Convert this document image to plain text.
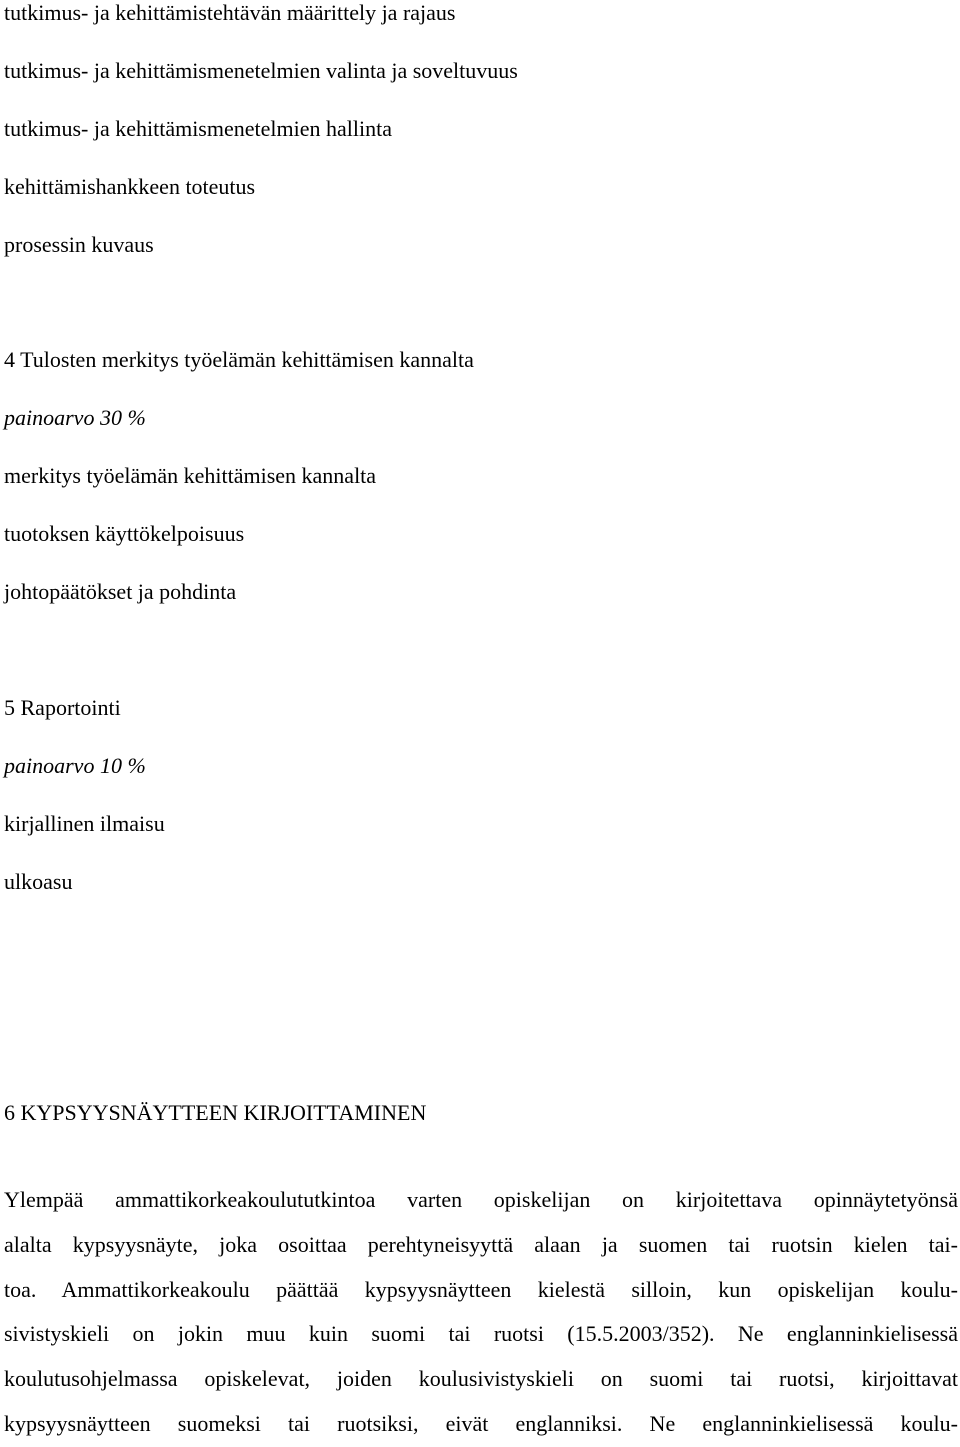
tutkimus- ja kehittämistehtävän määrittely ja rajaus
tutkimus- ja kehittämismenetelmien valinta ja soveltuvuus
tutkimus- ja kehittämismenetelmien hallinta
kehittämishankkeen toteutus
prosessin kuvaus
4 Tulosten merkitys työelämän kehittämisen kannalta
painoarvo 30 %
merkitys työelämän kehittämisen kannalta
tuotoksen käyttökelpoisuus
johtopäätökset ja pohdinta
5 Raportointi
painoarvo 10 %
kirjallinen ilmaisu
ulkoasu
6 KYPSYYSNÄYTTEEN KIRJOITTAMINEN
Ylempää ammattikorkeakoulututkintoa varten opiskelijan on kirjoitettava opinnäytetyönsä
alalta kypsyysnäyte, joka osoittaa perehtyneisyyttä alaan ja suomen tai ruotsin kielen tai-
toa. Ammattikorkeakoulu päättää kypsyysnäytteen kielestä silloin, kun opiskelijan koulu-
sivistyskieli on jokin muu kuin suomi tai ruotsi (15.5.2003/352). Ne englanninkielisessä
koulutusohjelmassa opiskelevat, joiden koulusivistyskieli on suomi tai ruotsi, kirjoittavat
kypsyysnäytteen suomeksi tai ruotsiksi, eivät englanniksi. Ne englanninkielisessä koulu-
